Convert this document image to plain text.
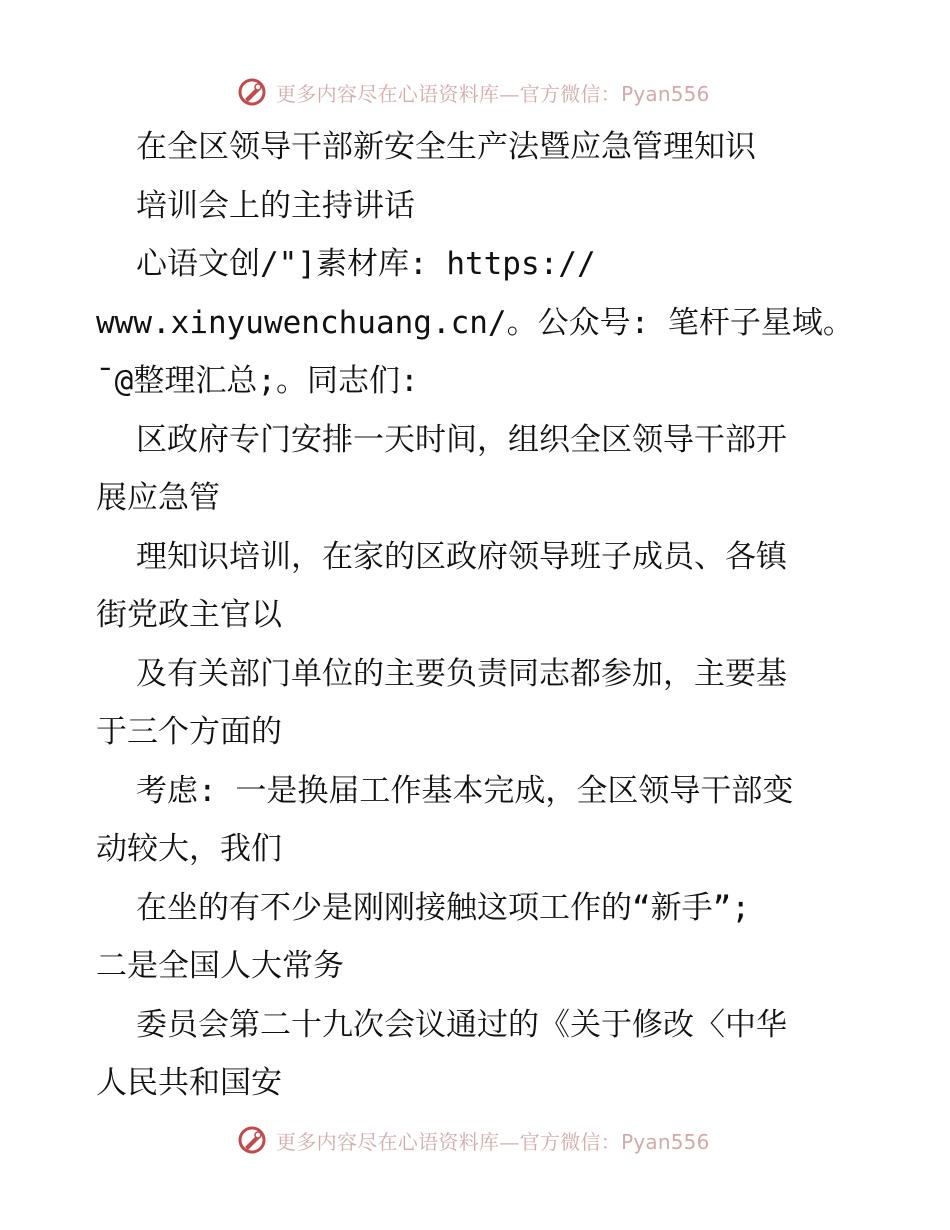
更多内容尽在心语资料库—官方微信：Pyan556
在全区领导干部新安全生产法暨应急管理知识
培训会上的主持讲话
心语文创/"]素材库: https://
www.xinyuwenchuang.cn/。公众号: 笔杆子星域。
¯@整理汇总;。同志们:
区政府专门安排一天时间，组织全区领导干部开
展应急管
理知识培训，在家的区政府领导班子成员、各镇
街党政主官以
及有关部门单位的主要负责同志都参加，主要基
于三个方面的
考虑: 一是换届工作基本完成，全区领导干部变
动较大，我们
在坐的有不少是刚刚接触这项工作的“新手”;
二是全国人大常务
委员会第二十九次会议通过的《关于修改〈中华
人民共和国安
更多内容尽在心语资料库—官方微信：Pyan556
